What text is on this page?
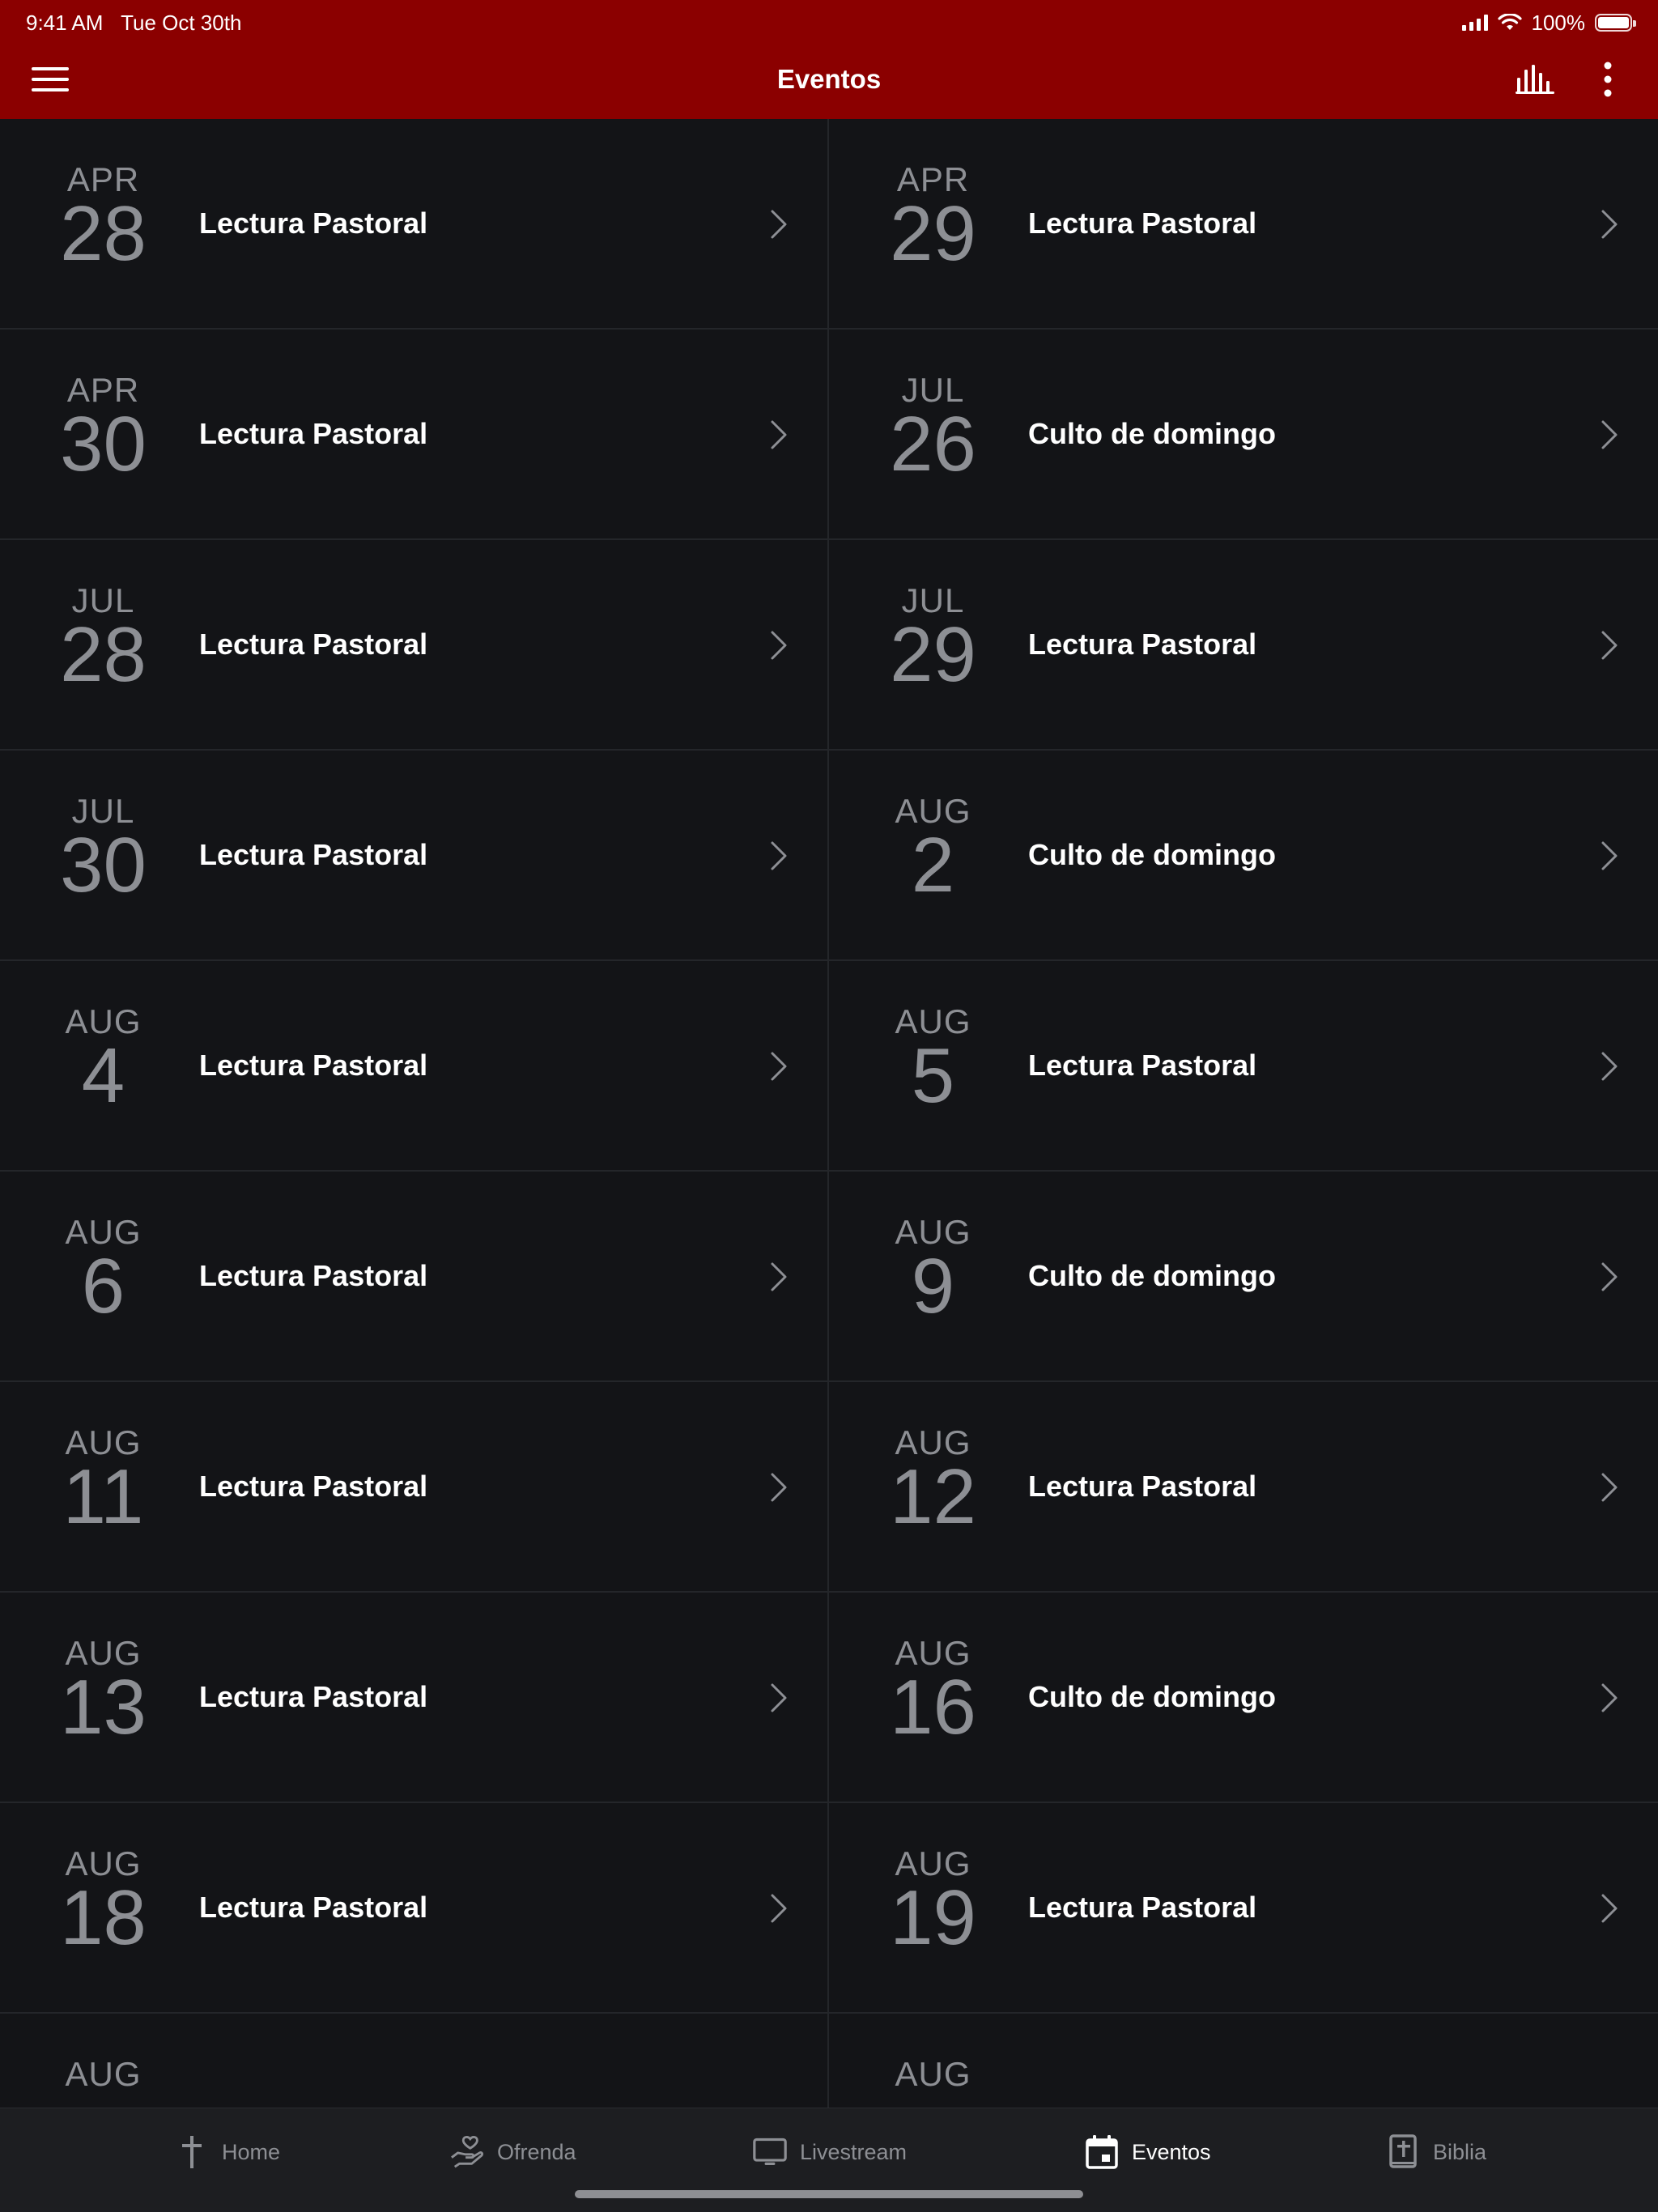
9:41 AM Tue Oct 30th	100%
Eventos
APR
28	Lectura Pastoral
APR
29	Lectura Pastoral
APR
30	Lectura Pastoral
JUL
26	Culto de domingo
JUL
28	Lectura Pastoral
JUL
29	Lectura Pastoral
JUL
30	Lectura Pastoral
AUG
2	Culto de domingo
AUG
4	Lectura Pastoral
AUG
5	Lectura Pastoral
AUG
6	Lectura Pastoral
AUG
9	Culto de domingo
AUG
11	Lectura Pastoral
AUG
12	Lectura Pastoral
AUG
13	Lectura Pastoral
AUG
16	Culto de domingo
AUG
18	Lectura Pastoral
AUG
19	Lectura Pastoral
AUG	AUG
Home	Ofrenda	Livestream	Eventos	Biblia
